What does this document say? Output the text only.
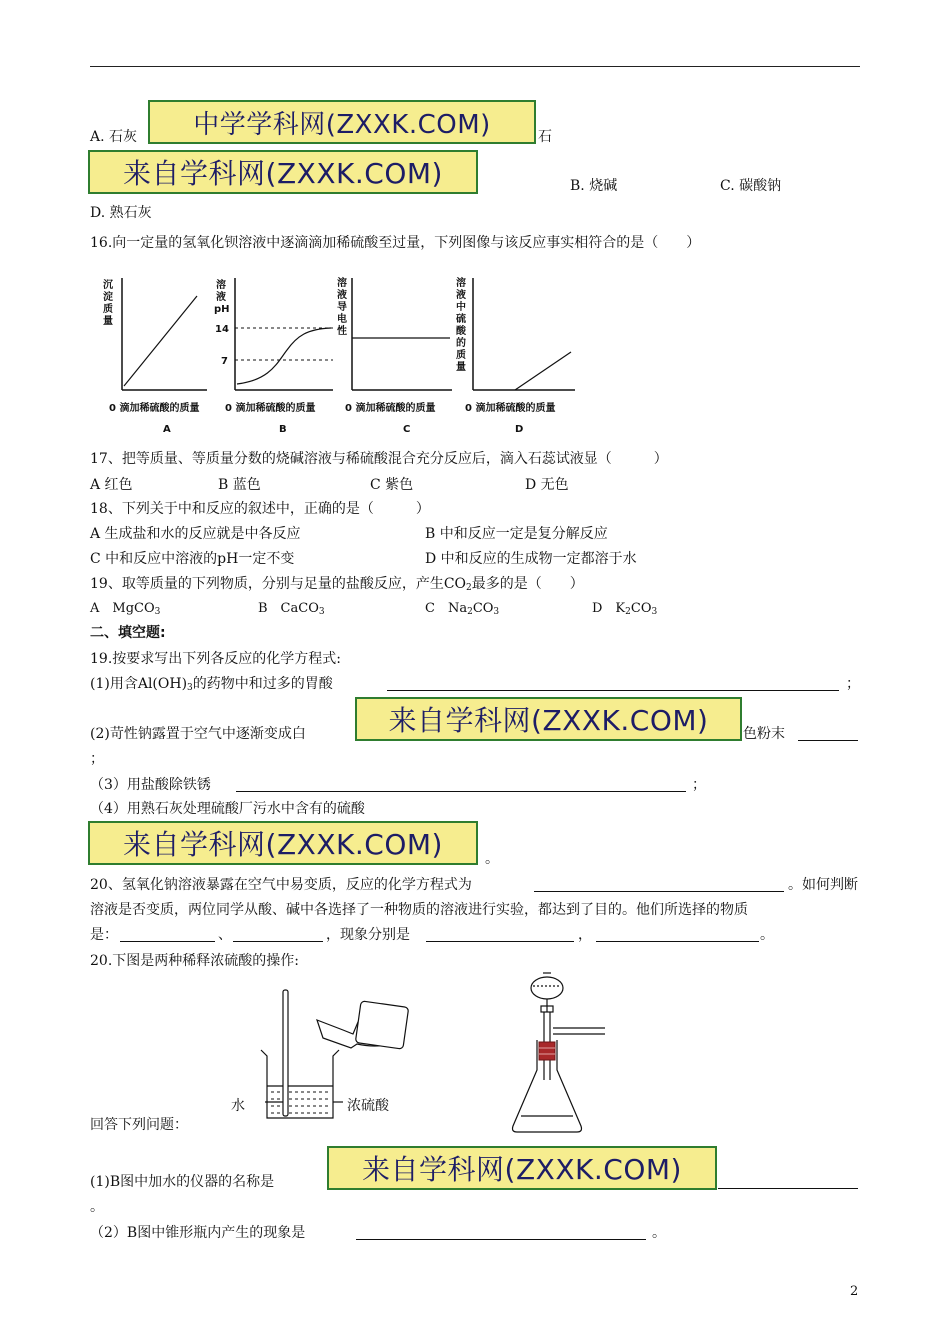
A. 石灰	中学学科网(ZXXK.COM)	石
来自学科网(ZXXK.COM)	B. 烧碱	C. 碳酸钠
D. 熟石灰
16.向一定量的氢氧化钡溶液中逐滴滴加稀硫酸至过量，下列图像与该反应事实相符合的是（　　）
沉
淀
质
量
0 滴加稀硫酸的质量
A
溶
液
pH
14
7
0 滴加稀硫酸的质量
B
溶
液
导
电
性
0 滴加稀硫酸的质量
C
溶
液
中
硫
酸
的
质
量
0 滴加稀硫酸的质量
D
17、把等质量、等质量分数的烧碱溶液与稀硫酸混合充分反应后，滴入石蕊试液显（　　　）
A 红色	B 蓝色	C 紫色	D 无色
18、下列关于中和反应的叙述中，正确的是（　　　）
A 生成盐和水的反应就是中各反应	B 中和反应一定是复分解反应
C 中和反应中溶液的pH一定不变	D 中和反应的生成物一定都溶于水
19、取等质量的下列物质，分别与足量的盐酸反应，产生$CO_2$最多的是（　　）
A　MgCO$_3$	B　CaCO$_3$	C　$Na_2CO_3$	D　$K_2CO_3$
二、填空题:
19.按要求写出下列各反应的化学方程式:
(1)用含$Al(OH)_3$的药物中和过多的胃酸	；
(2)苛性钠露置于空气中逐渐变成白	来自学科网(ZXXK.COM)	色粉末
；
（3）用盐酸除铁锈	；
（4）用熟石灰处理硫酸厂污水中含有的硫酸
来自学科网(ZXXK.COM)	。
20、氢氧化钠溶液暴露在空气中易变质，反应的化学方程式为	。如何判断
溶液是否变质，两位同学从酸、碱中各选择了一种物质的溶液进行实验，都达到了目的。他们所选择的物质
是：	、	，现象分别是	，	。
20.下图是两种稀释浓硫酸的操作:
水	浓硫酸
回答下列问题：
(1)B图中加水的仪器的名称是	来自学科网(ZXXK.COM)
。
（2）B图中锥形瓶内产生的现象是	。
2
